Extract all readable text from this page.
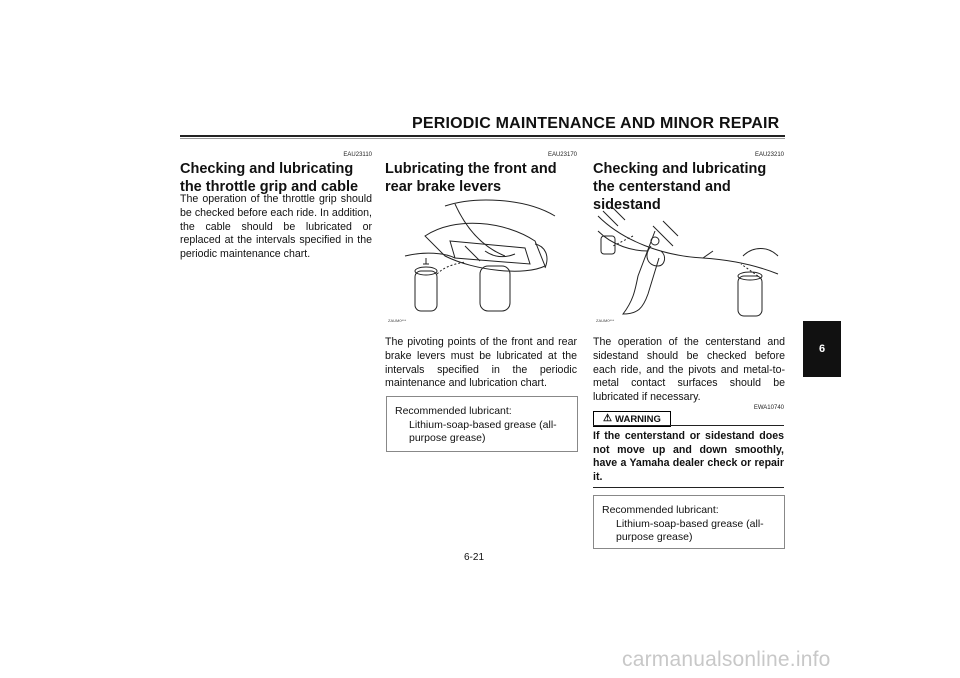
PERIODIC MAINTENANCE AND MINOR REPAIR
EAU23110
Checking and lubricating the throttle grip and cable
The operation of the throttle grip should be checked before each ride. In addition, the cable should be lubricated or replaced at the intervals specified in the periodic maintenance chart.
EAU23170
Lubricating the front and rear brake levers
ZAUM0***
The pivoting points of the front and rear brake levers must be lubricated at the intervals specified in the periodic maintenance and lubrication chart.
Recommended lubricant:

Lithium-soap-based grease (all-purpose grease)
EAU23210
Checking and lubricating the centerstand and sidestand
ZAUM0***
The operation of the centerstand and sidestand should be checked before each ride, and the pivots and metal-to-metal contact surfaces should be lubricated if necessary.
EWA10740
⚠ WARNING
If the centerstand or sidestand does not move up and down smoothly, have a Yamaha dealer check or repair it.
Recommended lubricant:

Lithium-soap-based grease (all-purpose grease)
6-21
6
carmanualsonline.info
